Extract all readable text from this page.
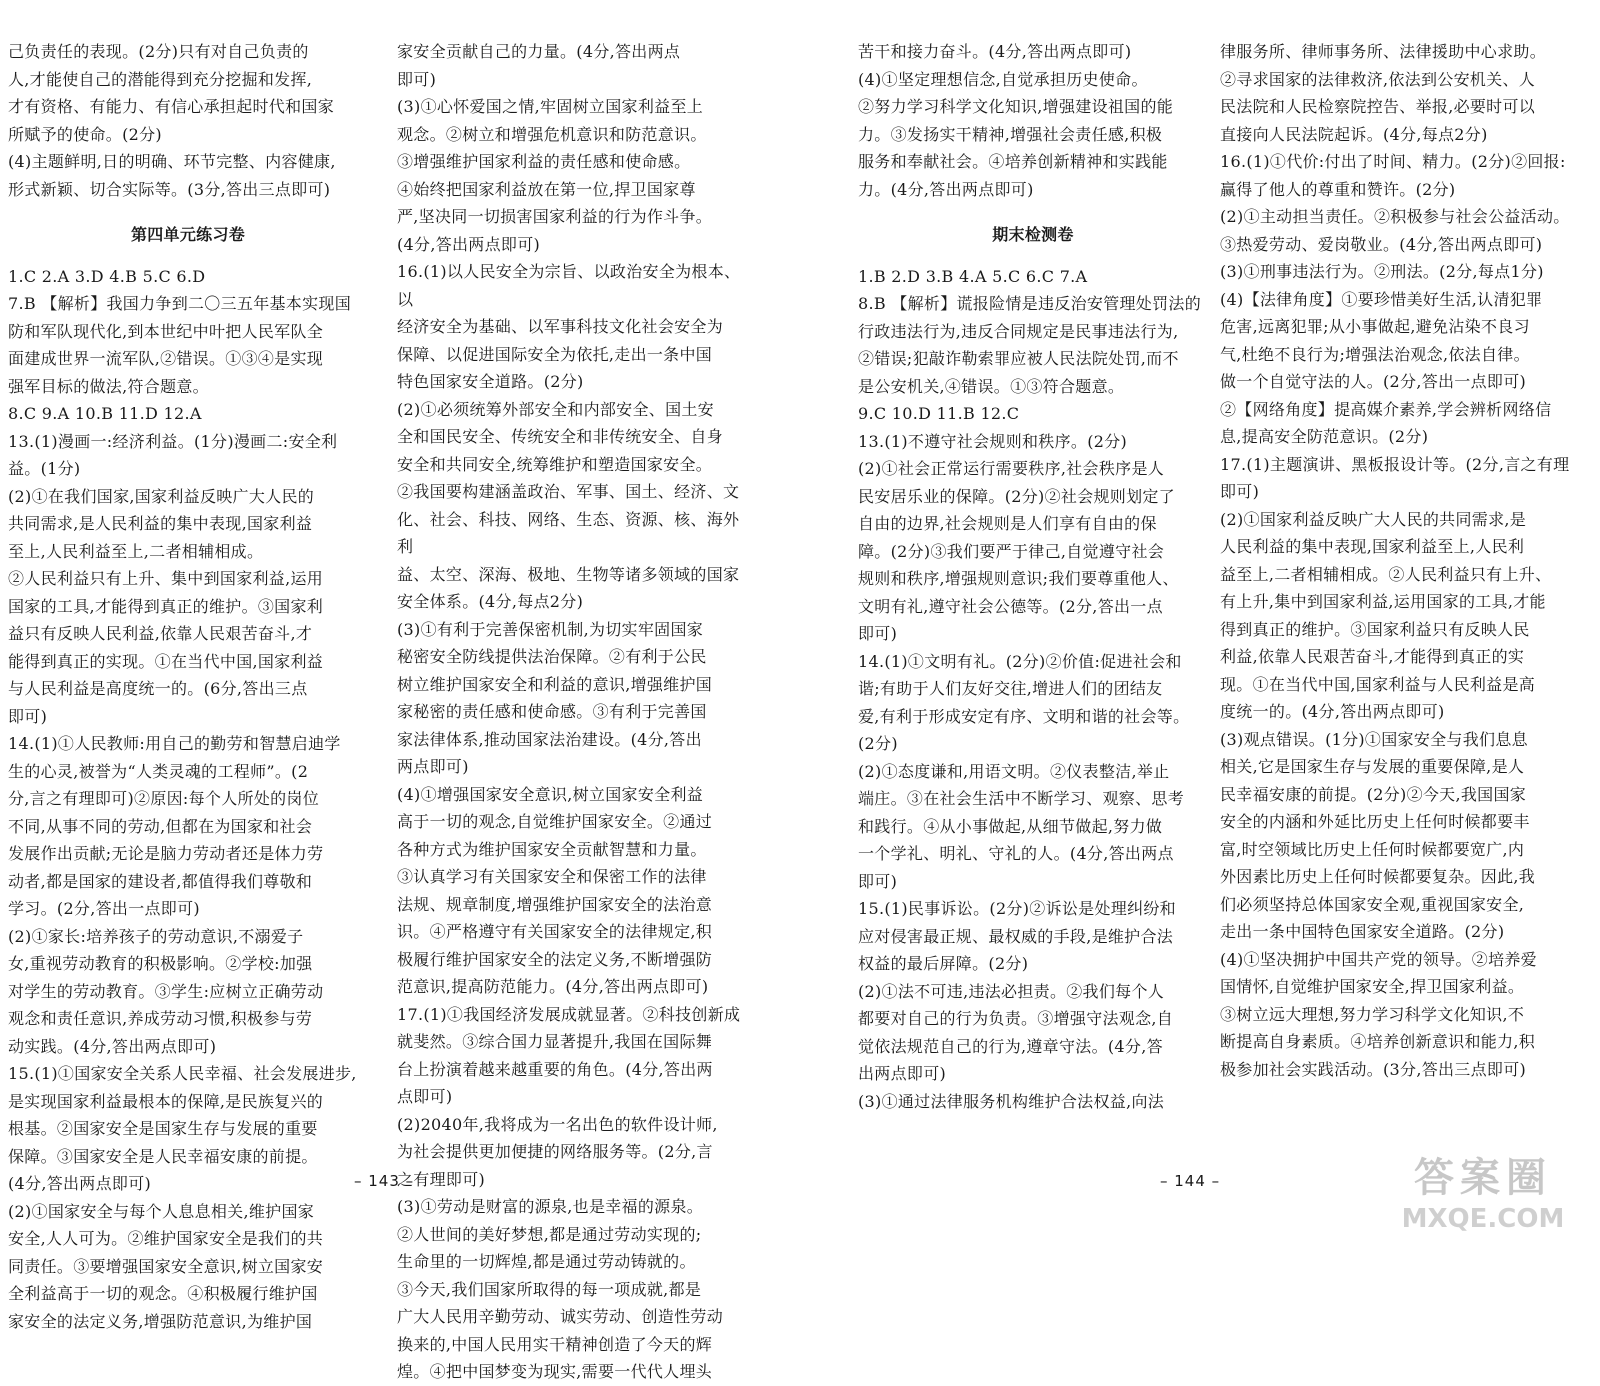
己负责任的表现。(2分)只有对自己负责的

人,才能使自己的潜能得到充分挖掘和发挥,

才有资格、有能力、有信心承担起时代和国家

所赋予的使命。(2分)

(4)主题鲜明,日的明确、环节完整、内容健康,

形式新颖、切合实际等。(3分,答出三点即可)

第四单元练习卷

1.C 2.A 3.D 4.B 5.C 6.D

7.B 【解析】我国力争到二〇三五年基本实现国

防和军队现代化,到本世纪中叶把人民军队全

面建成世界一流军队,②错误。①③④是实现

强军目标的做法,符合题意。

8.C 9.A 10.B 11.D 12.A

13.(1)漫画一:经济利益。(1分)漫画二:安全利

益。(1分)

(2)①在我们国家,国家利益反映广大人民的

共同需求,是人民利益的集中表现,国家利益

至上,人民利益至上,二者相辅相成。

②人民利益只有上升、集中到国家利益,运用

国家的工具,才能得到真正的维护。③国家利

益只有反映人民利益,依靠人民艰苦奋斗,才

能得到真正的实现。①在当代中国,国家利益

与人民利益是高度统一的。(6分,答出三点

即可)

14.(1)①人民教师:用自己的勤劳和智慧启迪学

生的心灵,被誉为“人类灵魂的工程师”。(2

分,言之有理即可)②原因:每个人所处的岗位

不同,从事不同的劳动,但都在为国家和社会

发展作出贡献;无论是脑力劳动者还是体力劳

动者,都是国家的建设者,都值得我们尊敬和

学习。(2分,答出一点即可)

(2)①家长:培养孩子的劳动意识,不溺爱子

女,重视劳动教育的积极影响。②学校:加强

对学生的劳动教育。③学生:应树立正确劳动

观念和责任意识,养成劳动习惯,积极参与劳

动实践。(4分,答出两点即可)

15.(1)①国家安全关系人民幸福、社会发展进步,

是实现国家利益最根本的保障,是民族复兴的

根基。②国家安全是国家生存与发展的重要

保障。③国家安全是人民幸福安康的前提。

(4分,答出两点即可)

(2)①国家安全与每个人息息相关,维护国家

安全,人人可为。②维护国家安全是我们的共

同责任。③要增强国家安全意识,树立国家安

全利益高于一切的观念。④积极履行维护国

家安全的法定义务,增强防范意识,为维护国

家安全贡献自己的力量。(4分,答出两点

即可)

(3)①心怀爱国之情,牢固树立国家利益至上

观念。②树立和增强危机意识和防范意识。

③增强维护国家利益的责任感和使命感。

④始终把国家利益放在第一位,捍卫国家尊

严,坚决同一切损害国家利益的行为作斗争。

(4分,答出两点即可)

16.(1)以人民安全为宗旨、以政治安全为根本、以

经济安全为基础、以军事科技文化社会安全为

保障、以促进国际安全为依托,走出一条中国

特色国家安全道路。(2分)

(2)①必须统筹外部安全和内部安全、国土安

全和国民安全、传统安全和非传统安全、自身

安全和共同安全,统筹维护和塑造国家安全。

②我国要构建涵盖政治、军事、国土、经济、文

化、社会、科技、网络、生态、资源、核、海外利

益、太空、深海、极地、生物等诸多领域的国家

安全体系。(4分,每点2分)

(3)①有利于完善保密机制,为切实牢固国家

秘密安全防线提供法治保障。②有利于公民

树立维护国家安全和利益的意识,增强维护国

家秘密的责任感和使命感。③有利于完善国

家法律体系,推动国家法治建设。(4分,答出

两点即可)

(4)①增强国家安全意识,树立国家安全利益

高于一切的观念,自觉维护国家安全。②通过

各种方式为维护国家安全贡献智慧和力量。

③认真学习有关国家安全和保密工作的法律

法规、规章制度,增强维护国家安全的法治意

识。④严格遵守有关国家安全的法律规定,积

极履行维护国家安全的法定义务,不断增强防

范意识,提高防范能力。(4分,答出两点即可)

17.(1)①我国经济发展成就显著。②科技创新成

就斐然。③综合国力显著提升,我国在国际舞

台上扮演着越来越重要的角色。(4分,答出两

点即可)

(2)2040年,我将成为一名出色的软件设计师,

为社会提供更加便捷的网络服务等。(2分,言

之有理即可)

(3)①劳动是财富的源泉,也是幸福的源泉。

②人世间的美好梦想,都是通过劳动实现的;

生命里的一切辉煌,都是通过劳动铸就的。

③今天,我们国家所取得的每一项成就,都是

广大人民用辛勤劳动、诚实劳动、创造性劳动

换来的,中国人民用实干精神创造了今天的辉

煌。④把中国梦变为现实,需要一代代人埋头

– 143 –

苦干和接力奋斗。(4分,答出两点即可)

(4)①坚定理想信念,自觉承担历史使命。

②努力学习科学文化知识,增强建设祖国的能

力。③发扬实干精神,增强社会责任感,积极

服务和奉献社会。④培养创新精神和实践能

力。(4分,答出两点即可)

期末检测卷

1.B 2.D 3.B 4.A 5.C 6.C 7.A

8.B 【解析】谎报险情是违反治安管理处罚法的

行政违法行为,违反合同规定是民事违法行为,

②错误;犯敲诈勒索罪应被人民法院处罚,而不

是公安机关,④错误。①③符合题意。

9.C 10.D 11.B 12.C

13.(1)不遵守社会规则和秩序。(2分)

(2)①社会正常运行需要秩序,社会秩序是人

民安居乐业的保障。(2分)②社会规则划定了

自由的边界,社会规则是人们享有自由的保

障。(2分)③我们要严于律己,自觉遵守社会

规则和秩序,增强规则意识;我们要尊重他人、

文明有礼,遵守社会公德等。(2分,答出一点

即可)

14.(1)①文明有礼。(2分)②价值:促进社会和

谐;有助于人们友好交往,增进人们的团结友

爱,有利于形成安定有序、文明和谐的社会等。

(2分)

(2)①态度谦和,用语文明。②仪表整洁,举止

端庄。③在社会生活中不断学习、观察、思考

和践行。④从小事做起,从细节做起,努力做

一个学礼、明礼、守礼的人。(4分,答出两点

即可)

15.(1)民事诉讼。(2分)②诉讼是处理纠纷和

应对侵害最正规、最权威的手段,是维护合法

权益的最后屏障。(2分)

(2)①法不可违,违法必担责。②我们每个人

都要对自己的行为负责。③增强守法观念,自

觉依法规范自己的行为,遵章守法。(4分,答

出两点即可)

(3)①通过法律服务机构维护合法权益,向法

律服务所、律师事务所、法律援助中心求助。

②寻求国家的法律救济,依法到公安机关、人

民法院和人民检察院控告、举报,必要时可以

直接向人民法院起诉。(4分,每点2分)

16.(1)①代价:付出了时间、精力。(2分)②回报:

赢得了他人的尊重和赞许。(2分)

(2)①主动担当责任。②积极参与社会公益活动。

③热爱劳动、爱岗敬业。(4分,答出两点即可)

(3)①刑事违法行为。②刑法。(2分,每点1分)

(4)【法律角度】①要珍惜美好生活,认清犯罪

危害,远离犯罪;从小事做起,避免沾染不良习

气,杜绝不良行为;增强法治观念,依法自律。

做一个自觉守法的人。(2分,答出一点即可)

②【网络角度】提高媒介素养,学会辨析网络信

息,提高安全防范意识。(2分)

17.(1)主题演讲、黑板报设计等。(2分,言之有理

即可)

(2)①国家利益反映广大人民的共同需求,是

人民利益的集中表现,国家利益至上,人民利

益至上,二者相辅相成。②人民利益只有上升、

有上升,集中到国家利益,运用国家的工具,才能

得到真正的维护。③国家利益只有反映人民

利益,依靠人民艰苦奋斗,才能得到真正的实

现。①在当代中国,国家利益与人民利益是高

度统一的。(4分,答出两点即可)

(3)观点错误。(1分)①国家安全与我们息息

相关,它是国家生存与发展的重要保障,是人

民幸福安康的前提。(2分)②今天,我国国家

安全的内涵和外延比历史上任何时候都要丰

富,时空领域比历史上任何时候都要宽广,内

外因素比历史上任何时候都要复杂。因此,我

们必须坚持总体国家安全观,重视国家安全,

走出一条中国特色国家安全道路。(2分)

(4)①坚决拥护中国共产党的领导。②培养爱

国情怀,自觉维护国家安全,捍卫国家利益。

③树立远大理想,努力学习科学文化知识,不

断提高自身素质。④培养创新意识和能力,积

极参加社会实践活动。(3分,答出三点即可)

– 144 –	答案圈
MXQE.COM
